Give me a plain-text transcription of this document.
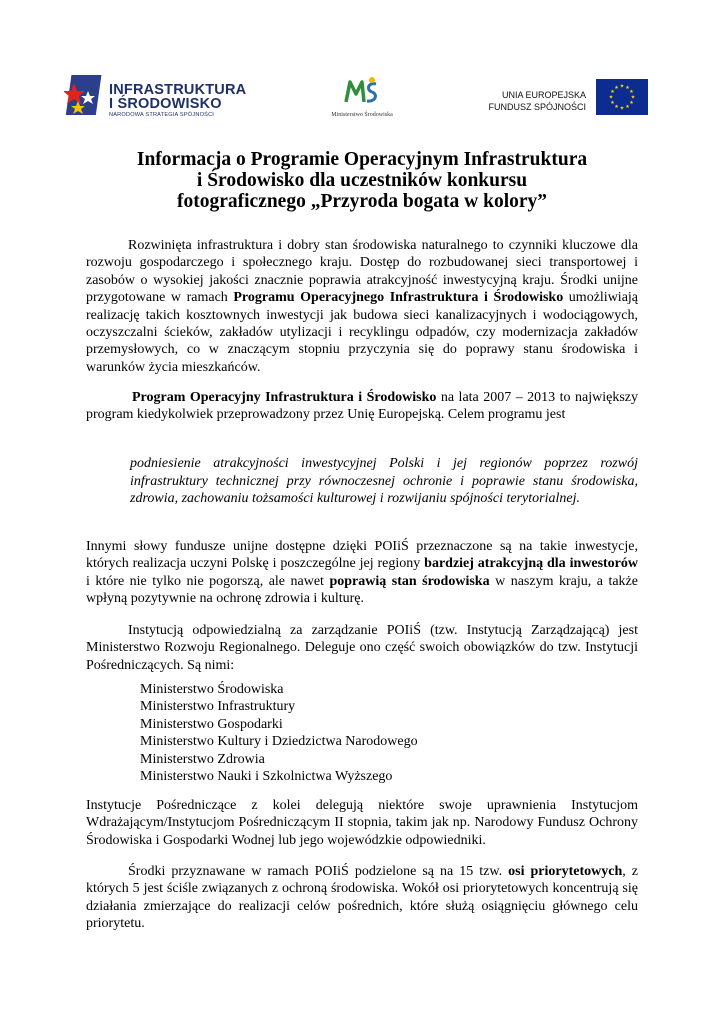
INFRASTRUKTURA
I ŚRODOWISKO
NARODOWA STRATEGIA SPÓJNOŚCI	Ministerstwo Środowiska
UNIA EUROPEJSKA
FUNDUSZ SPÓJNOŚCI
★ ★
★
★
★
★
★
★
★
★
★
★
Informacja o Programie Operacyjnym Infrastruktura
i Środowisko dla uczestników konkursu
fotograficznego „Przyroda bogata w kolory”

Rozwinięta infrastruktura i dobry stan środowiska naturalnego to czynniki kluczowe dla rozwoju gospodarczego i społecznego kraju. Dostęp do rozbudowanej sieci transportowej i zasobów o wysokiej jakości znacznie poprawia atrakcyjność inwestycyjną kraju. Środki unijne przygotowane w ramach Programu Operacyjnego Infrastruktura i Środowisko umożliwiają realizację takich kosztownych inwestycji jak budowa sieci kanalizacyjnych i wodociągowych, oczyszczalni ścieków, zakładów utylizacji i recyklingu odpadów, czy modernizacja zakładów przemysłowych, co w znaczącym stopniu przyczynia się do poprawy stanu środowiska i warunków życia mieszkańców.

Program Operacyjny Infrastruktura i Środowisko na lata 2007 – 2013 to największy program kiedykolwiek przeprowadzony przez Unię Europejską. Celem programu jest

podniesienie atrakcyjności inwestycyjnej Polski i jej regionów poprzez rozwój infrastruktury technicznej przy równoczesnej ochronie i poprawie stanu środowiska, zdrowia, zachowaniu tożsamości kulturowej i rozwijaniu spójności terytorialnej.

Innymi słowy fundusze unijne dostępne dzięki POIiŚ przeznaczone są na takie inwestycje, których realizacja uczyni Polskę i poszczególne jej regiony bardziej atrakcyjną dla inwestorów i które nie tylko nie pogorszą, ale nawet poprawią stan środowiska w naszym kraju, a także wpłyną pozytywnie na ochronę zdrowia i kulturę.

Instytucją odpowiedzialną za zarządzanie POIiŚ (tzw. Instytucją Zarządzającą) jest Ministerstwo Rozwoju Regionalnego. Deleguje ono część swoich obowiązków do tzw. Instytucji Pośredniczących. Są nimi:

Ministerstwo Środowiska
Ministerstwo Infrastruktury
Ministerstwo Gospodarki
Ministerstwo Kultury i Dziedzictwa Narodowego
Ministerstwo Zdrowia
Ministerstwo Nauki i Szkolnictwa Wyższego

Instytucje Pośredniczące z kolei delegują niektóre swoje uprawnienia Instytucjom Wdrażającym/Instytucjom Pośredniczącym II stopnia, takim jak np. Narodowy Fundusz Ochrony Środowiska i Gospodarki Wodnej lub jego wojewódzkie odpowiedniki.

Środki przyznawane w ramach POIiŚ podzielone są na 15 tzw. osi priorytetowych, z których 5 jest ściśle związanych z ochroną środowiska. Wokół osi priorytetowych koncentrują się działania zmierzające do realizacji celów pośrednich, które służą osiągnięciu głównego celu priorytetu.
